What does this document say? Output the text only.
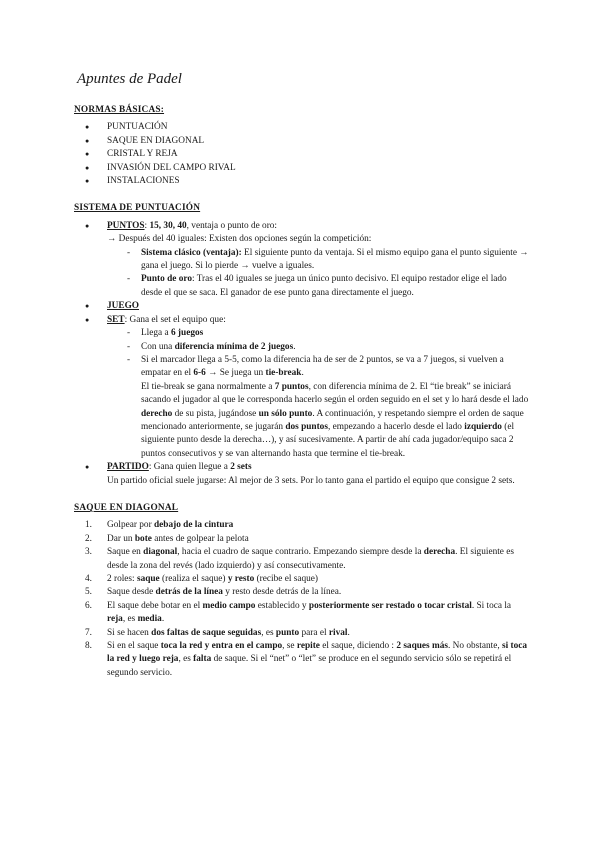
Apuntes de Padel
NORMAS BÁSICAS:
● PUNTUACIÓN
● SAQUE EN DIAGONAL
● CRISTAL Y REJA
● INVASIÓN DEL CAMPO RIVAL
● INSTALACIONES
SISTEMA DE PUNTUACIÓN
● PUNTOS: 15, 30, 40, ventaja o punto de oro:
→ Después del 40 iguales: Existen dos opciones según la competición:
- Sistema clásico (ventaja): El siguiente punto da ventaja. Si el mismo equipo gana el punto siguiente → gana el juego. Si lo pierde → vuelve a iguales.
- Punto de oro: Tras el 40 iguales se juega un único punto decisivo. El equipo restador elige el lado desde el que se saca. El ganador de ese punto gana directamente el juego.
● JUEGO
● SET: Gana el set el equipo que:
- Llega a 6 juegos
- Con una diferencia mínima de 2 juegos.
- Si el marcador llega a 5-5, como la diferencia ha de ser de 2 puntos, se va a 7 juegos, si vuelven a empatar en el 6-6 → Se juega un tie-break.
El tie-break se gana normalmente a 7 puntos, con diferencia mínima de 2. El “tie break” se iniciará sacando el jugador al que le corresponda hacerlo según el orden seguido en el set y lo hará desde el lado derecho de su pista, jugándose un sólo punto. A continuación, y respetando siempre el orden de saque mencionado anteriormente, se jugarán dos puntos, empezando a hacerlo desde el lado izquierdo (el siguiente punto desde la derecha…), y así sucesivamente. A partir de ahí cada jugador/equipo saca 2 puntos consecutivos y se van alternando hasta que termine el tie-break.
● PARTIDO: Gana quien llegue a 2 sets
Un partido oficial suele jugarse: Al mejor de 3 sets. Por lo tanto gana el partido el equipo que consigue 2 sets.
SAQUE EN DIAGONAL
1. Golpear por debajo de la cintura
2. Dar un bote antes de golpear la pelota
3. Saque en diagonal, hacia el cuadro de saque contrario. Empezando siempre desde la derecha. El siguiente es desde la zona del revés (lado izquierdo) y así consecutivamente.
4. 2 roles: saque (realiza el saque) y resto (recibe el saque)
5. Saque desde detrás de la línea y resto desde detrás de la línea.
6. El saque debe botar en el medio campo establecido y posteriormente ser restado o tocar cristal. Si toca la reja, es media.
7. Si se hacen dos faltas de saque seguidas, es punto para el rival.
8. Si en el saque toca la red y entra en el campo, se repite el saque, diciendo : 2 saques más. No obstante, si toca la red y luego reja, es falta de saque. Si el “net” o “let” se produce en el segundo servicio sólo se repetirá el segundo servicio.
